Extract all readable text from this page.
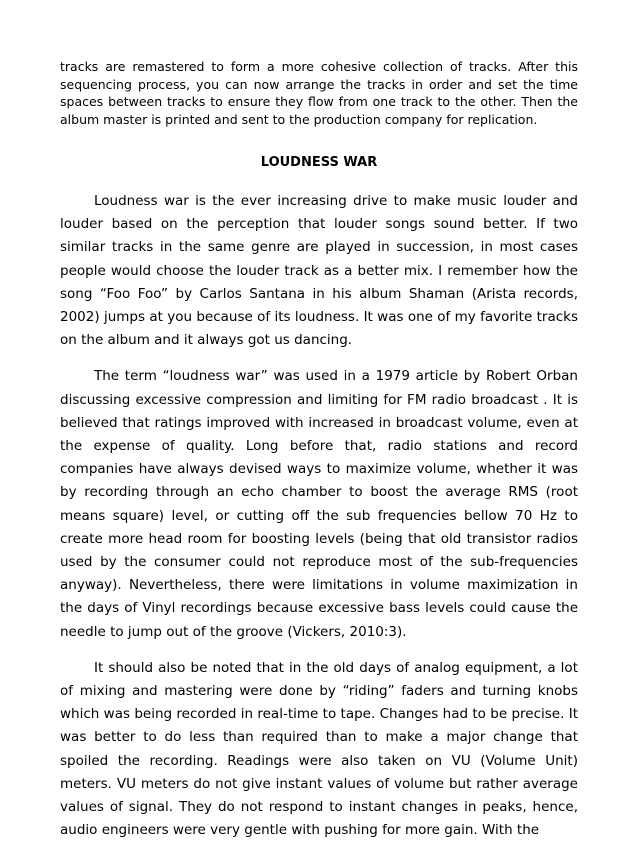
tracks are remastered to form a more cohesive collection of tracks. After this sequencing process, you can now arrange the tracks in order and set the time spaces between tracks to ensure they flow from one track to the other. Then the album master is printed and sent to the production company for replication.

LOUDNESS WAR

Loudness war is the ever increasing drive to make music louder and louder based on the perception that louder songs sound better. If two similar tracks in the same genre are played in succession, in most cases people would choose the louder track as a better mix. I remember how the song “Foo Foo” by Carlos Santana in his album Shaman (Arista records, 2002) jumps at you because of its loudness. It was one of my favorite tracks on the album and it always got us dancing.

The term “loudness war” was used in a 1979 article by Robert Orban discussing excessive compression and limiting for FM radio broadcast . It is believed that ratings improved with increased in broadcast volume, even at the expense of quality. Long before that, radio stations and record companies have always devised ways to maximize volume, whether it was by recording through an echo chamber to boost the average RMS (root means square) level, or cutting off the sub frequencies bellow 70 Hz to create more head room for boosting levels (being that old transistor radios used by the consumer could not reproduce most of the sub-frequencies anyway). Nevertheless, there were limitations in volume maximization in the days of Vinyl recordings because excessive bass levels could cause the needle to jump out of the groove (Vickers, 2010:3).

It should also be noted that in the old days of analog equipment, a lot of mixing and mastering were done by “riding” faders and turning knobs which was being recorded in real-time to tape. Changes had to be precise. It was better to do less than required than to make a major change that spoiled the recording. Readings were also taken on VU (Volume Unit) meters. VU meters do not give instant values of volume but rather average values of signal. They do not respond to instant changes in peaks, hence, audio engineers were very gentle with pushing for more gain. With the
